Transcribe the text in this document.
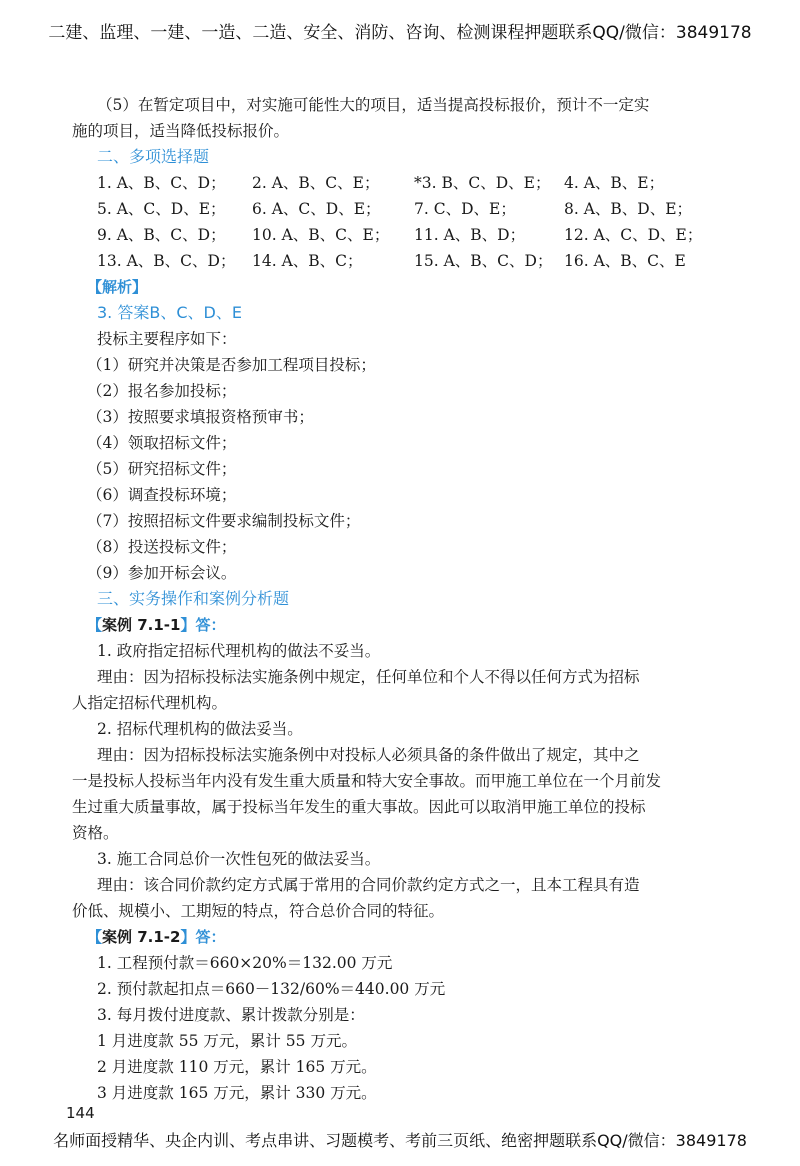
二建、监理、一建、一造、二造、安全、消防、咨询、检测课程押题联系QQ/微信：3849178
（5）在暂定项目中，对实施可能性大的项目，适当提高投标报价，预计不一定实
施的项目，适当降低投标报价。
二、多项选择题
1. A、B、C、D；	2. A、B、C、E；	*3. B、C、D、E； 4. A、B、E；
5. A、C、D、E；	6. A、C、D、E；	7. C、D、E；	8. A、B、D、E；
9. A、B、C、D；	10. A、B、C、E；	11. A、B、D；	12. A、C、D、E；
13. A、B、C、D；	14. A、B、C；	15. A、B、C、D； 16. A、B、C、E
【解析】
3. 答案B、C、D、E
投标主要程序如下：
（1）研究并决策是否参加工程项目投标；
（2）报名参加投标；
（3）按照要求填报资格预审书；
（4）领取招标文件；
（5）研究招标文件；
（6）调查投标环境；
（7）按照招标文件要求编制投标文件；
（8）投送投标文件；
（9）参加开标会议。
三、实务操作和案例分析题
【案例 7.1-1】答：
1. 政府指定招标代理机构的做法不妥当。
理由：因为招标投标法实施条例中规定，任何单位和个人不得以任何方式为招标
人指定招标代理机构。
2. 招标代理机构的做法妥当。
理由：因为招标投标法实施条例中对投标人必须具备的条件做出了规定，其中之
一是投标人投标当年内没有发生重大质量和特大安全事故。而甲施工单位在一个月前发
生过重大质量事故，属于投标当年发生的重大事故。因此可以取消甲施工单位的投标
资格。
3. 施工合同总价一次性包死的做法妥当。
理由：该合同价款约定方式属于常用的合同价款约定方式之一，且本工程具有造
价低、规模小、工期短的特点，符合总价合同的特征。
【案例 7.1-2】答：
1. 工程预付款＝660×20%＝132.00 万元
2. 预付款起扣点＝660－132/60%＝440.00 万元
3. 每月拨付进度款、累计拨款分别是：
1 月进度款 55 万元，累计 55 万元。
2 月进度款 110 万元，累计 165 万元。
3 月进度款 165 万元，累计 330 万元。
144
名师面授精华、央企内训、考点串讲、习题模考、考前三页纸、绝密押题联系QQ/微信：3849178
